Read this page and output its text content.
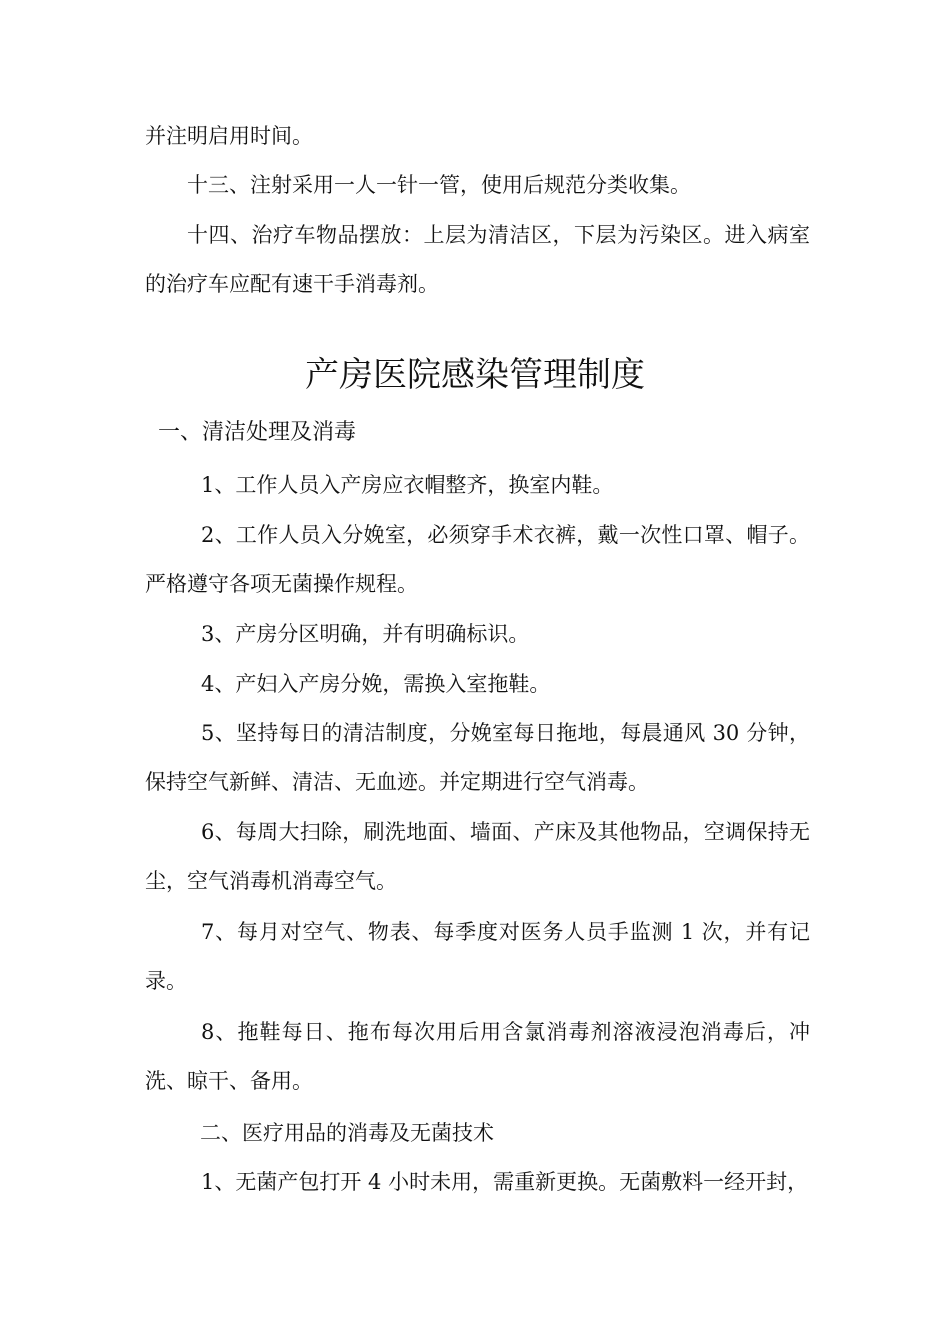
并注明启用时间。

十三、注射采用一人一针一管，使用后规范分类收集。

十四、治疗车物品摆放：上层为清洁区，下层为污染区。进入病室的治疗车应配有速干手消毒剂。

产房医院感染管理制度
一、清洁处理及消毒

1、工作人员入产房应衣帽整齐，换室内鞋。

2、工作人员入分娩室，必须穿手术衣裤，戴一次性口罩、帽子。严格遵守各项无菌操作规程。

3、产房分区明确，并有明确标识。

4、产妇入产房分娩，需换入室拖鞋。

5、坚持每日的清洁制度，分娩室每日拖地，每晨通风 30 分钟，保持空气新鲜、清洁、无血迹。并定期进行空气消毒。

6、每周大扫除，刷洗地面、墙面、产床及其他物品，空调保持无尘，空气消毒机消毒空气。

7、每月对空气、物表、每季度对医务人员手监测 1 次，并有记录。

8、拖鞋每日、拖布每次用后用含氯消毒剂溶液浸泡消毒后，冲洗、晾干、备用。

二、医疗用品的消毒及无菌技术

1、无菌产包打开 4 小时未用，需重新更换。无菌敷料一经开封，
